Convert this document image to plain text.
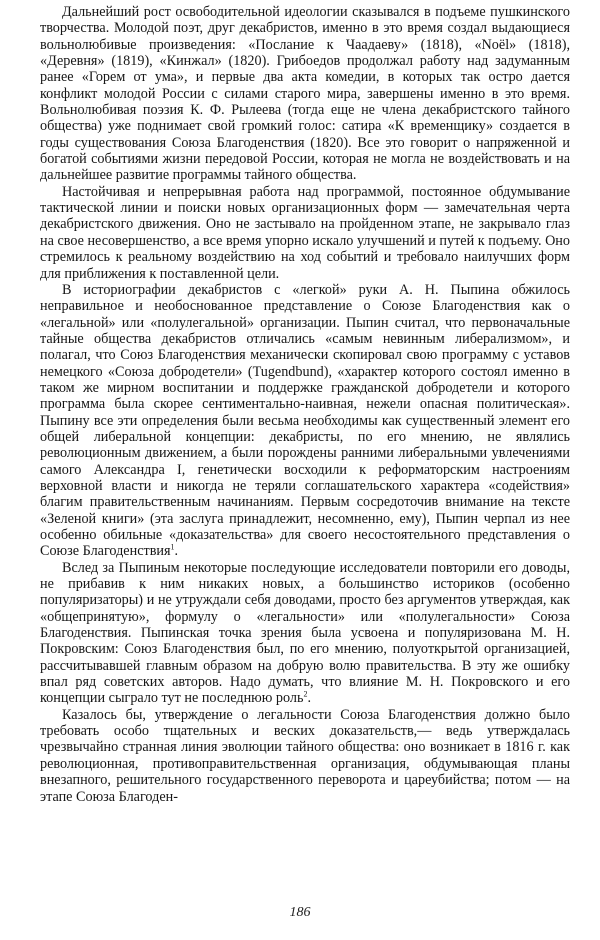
Дальнейший рост освободительной идеологии сказывался в подъеме пушкинского творчества. Молодой поэт, друг декабристов, именно в это время создал выдающиеся вольнолюбивые произведения: «Послание к Чаадаеву» (1818), «Noël» (1818), «Деревня» (1819), «Кинжал» (1820). Грибоедов продолжал работу над задуманным ранее «Горем от ума», и первые два акта комедии, в которых так остро дается конфликт молодой России с силами старого мира, завершены именно в это время. Вольнолюбивая поэзия К. Ф. Рылеева (тогда еще не члена декабристского тайного общества) уже поднимает свой громкий голос: сатира «К временщику» создается в годы существования Союза Благоденствия (1820). Все это говорит о напряженной и богатой событиями жизни передовой России, которая не могла не воздействовать и на дальнейшее развитие программы тайного общества.

Настойчивая и непрерывная работа над программой, постоянное обдумывание тактической линии и поиски новых организационных форм — замечательная черта декабристского движения. Оно не застывало на пройденном этапе, не закрывало глаз на свое несовершенство, а все время упорно искало улучшений и путей к подъему. Оно стремилось к реальному воздействию на ход событий и требовало наилучших форм для приближения к поставленной цели.

В историографии декабристов с «легкой» руки А. Н. Пыпина обжилось неправильное и необоснованное представление о Союзе Благоденствия как о «легальной» или «полулегальной» организации. Пыпин считал, что первоначальные тайные общества декабристов отличались «самым невинным либерализмом», и полагал, что Союз Благоденствия механически скопировал свою программу с уставов немецкого «Союза добродетели» (Tugendbund), «характер которого состоял именно в таком же мирном воспитании и поддержке гражданской добродетели и которого программа была скорее сентиментально-наивная, нежели опасная политическая». Пыпину все эти определения были весьма необходимы как существенный элемент его общей либеральной концепции: декабристы, по его мнению, не являлись революционным движением, а были порождены ранними либеральными увлечениями самого Александра I, генетически восходили к реформаторским настроениям верховной власти и никогда не теряли соглашательского характера «содействия» благим правительственным начинаниям. Первым сосредоточив внимание на тексте «Зеленой книги» (эта заслуга принадлежит, несомненно, ему), Пыпин черпал из нее особенно обильные «доказательства» для своего несостоятельного представления о Союзе Благоденствия$^1$.

Вслед за Пыпиным некоторые последующие исследователи повторили его доводы, не прибавив к ним никаких новых, а большинство историков (особенно популяризаторы) и не утруждали себя доводами, просто без аргументов утверждая, как «общепринятую», формулу о «легальности» или «полулегальности» Союза Благоденствия. Пыпинская точка зрения была усвоена и популяризована М. Н. Покровским: Союз Благоденствия был, по его мнению, полуоткрытой организацией, рассчитывавшей главным образом на добрую волю правительства. В эту же ошибку впал ряд советских авторов. Надо думать, что влияние М. Н. Покровского и его концепции сыграло тут не последнюю роль$^2$.

Казалось бы, утверждение о легальности Союза Благоденствия должно было требовать особо тщательных и веских доказательств,— ведь утверждалась чрезвычайно странная линия эволюции тайного общества: оно возникает в 1816 г. как революционная, противоправительственная организация, обдумывающая планы внезапного, решительного государственного переворота и цареубийства; потом — на этапе Союза Благоден-

186
